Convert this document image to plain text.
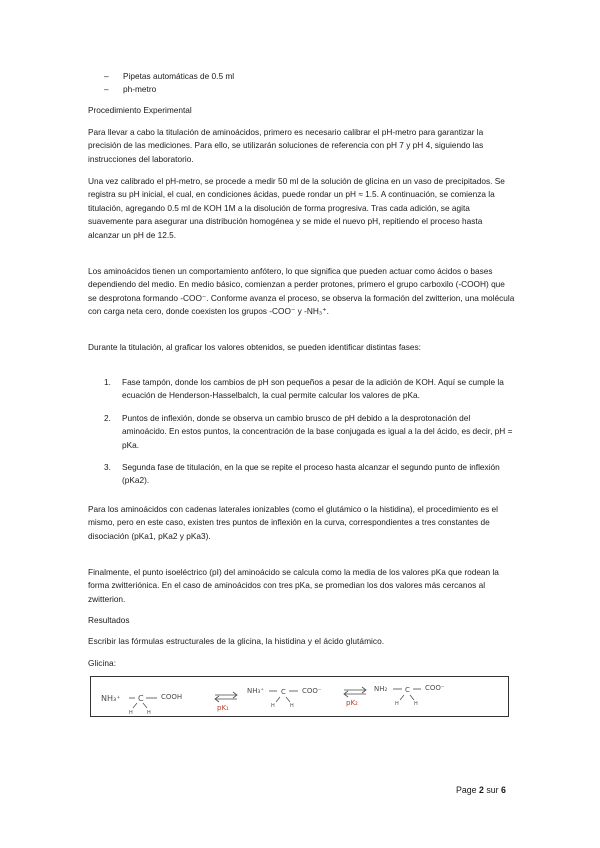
– Pipetas automáticas de 0.5 ml
– ph-metro
Procedimiento Experimental

Para llevar a cabo la titulación de aminoácidos, primero es necesario calibrar el pH-metro para garantizar la precisión de las mediciones. Para ello, se utilizarán soluciones de referencia con pH 7 y pH 4, siguiendo las instrucciones del laboratorio.

Una vez calibrado el pH-metro, se procede a medir 50 ml de la solución de glicina en un vaso de precipitados. Se registra su pH inicial, el cual, en condiciones ácidas, puede rondar un pH ≈ 1.5. A continuación, se comienza la titulación, agregando 0.5 ml de KOH 1M a la disolución de forma progresiva. Tras cada adición, se agita suavemente para asegurar una distribución homogénea y se mide el nuevo pH, repitiendo el proceso hasta alcanzar un pH de 12.5.

Los aminoácidos tienen un comportamiento anfótero, lo que significa que pueden actuar como ácidos o bases dependiendo del medio. En medio básico, comienzan a perder protones, primero el grupo carboxilo (-COOH) que se desprotona formando -COO⁻. Conforme avanza el proceso, se observa la formación del zwitterion, una molécula con carga neta cero, donde coexisten los grupos -COO⁻ y -NH₃⁺.

Durante la titulación, al graficar los valores obtenidos, se pueden identificar distintas fases:

1. Fase tampón, donde los cambios de pH son pequeños a pesar de la adición de KOH. Aquí se cumple la ecuación de Henderson-Hasselbalch, la cual permite calcular los valores de pKa.
2. Puntos de inflexión, donde se observa un cambio brusco de pH debido a la desprotonación del aminoácido. En estos puntos, la concentración de la base conjugada es igual a la del ácido, es decir, pH = pKa.
3. Segunda fase de titulación, en la que se repite el proceso hasta alcanzar el segundo punto de inflexión (pKa2).

Para los aminoácidos con cadenas laterales ionizables (como el glutámico o la histidina), el procedimiento es el mismo, pero en este caso, existen tres puntos de inflexión en la curva, correspondientes a tres constantes de disociación (pKa1, pKa2 y pKa3).

Finalmente, el punto isoeléctrico (pI) del aminoácido se calcula como la media de los valores pKa que rodean la forma zwitteriónica. En el caso de aminoácidos con tres pKa, se promedian los dos valores más cercanos al zwitterion.

Resultados
Escribir las fórmulas estructurales de la glicina, la histidina y el ácido glutámico.
Glicina:
NH₃⁺ C COOH
H	H
pK₁
NH₃⁺ C COO⁻
H	H	pK₂
NH₂	C COO⁻
H	H
Page 2 sur 6
